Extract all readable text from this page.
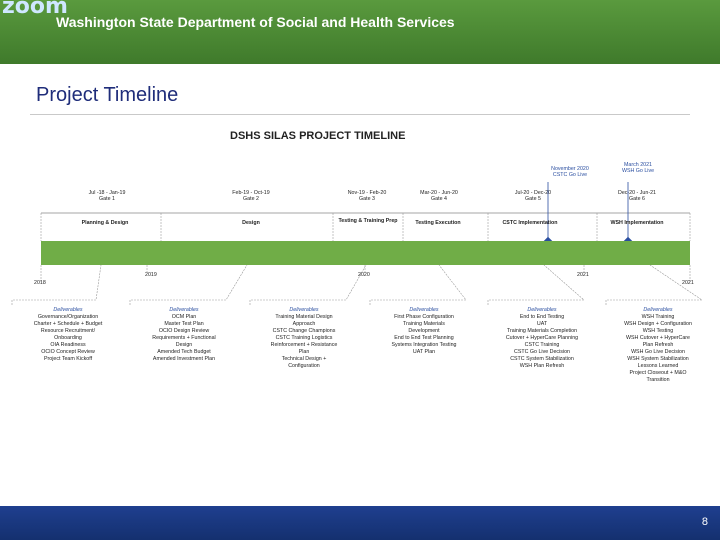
zoom
Washington State Department of Social and Health Services
Project Timeline
DSHS SILAS PROJECT TIMELINE
November 2020
CSTC Go Live
March 2021
WSH Go Live
Jul -18 - Jan-19
Gate 1
Feb-19 - Oct-19
Gate 2
Nov-19 - Feb-20
Gate 3
Mar-20 - Jun-20
Gate 4
Jul-20 - Dec-20
Gate 5
Dec-20 - Jun-21
Gate 6
Planning & Design	Design	Testing & Training Prep	Testing Execution	CSTC Implementation	WSH Implementation
2018
2019	2020	2021
2021
Deliverables
Governance/Organization
Charter + Schedule + Budget
Resource Recruitment/
Onboarding
OIA Readiness
OCIO Concept Review
Project Team Kickoff
Deliverables
OCM Plan
Master Test Plan
OCIO Design Review
Requirements + Functional
Design
Amended Tech Budget
Amended Investment Plan
Deliverables
Training Material Design
Approach
CSTC Change Champions
CSTC Training Logistics
Reinforcement + Resistance
Plan
Technical Design +
Configuration
Deliverables
First Phase Configuration
Training Materials
Development
End to End Test Planning
Systems Integration Testing
UAT Plan
Deliverables
End to End Testing
UAT
Training Materials Completion
Cutover + HyperCare Planning
CSTC Training
CSTC Go Live Decision
CSTC System Stabilization
WSH Plan Refresh
Deliverables
WSH Training
WSH Design + Configuration
WSH Testing
WSH Cutover + HyperCare
Plan Refresh
WSH Go Live Decision
WSH System Stabilization
Lessons Learned
Project Closeout + M&O
Transition
8
